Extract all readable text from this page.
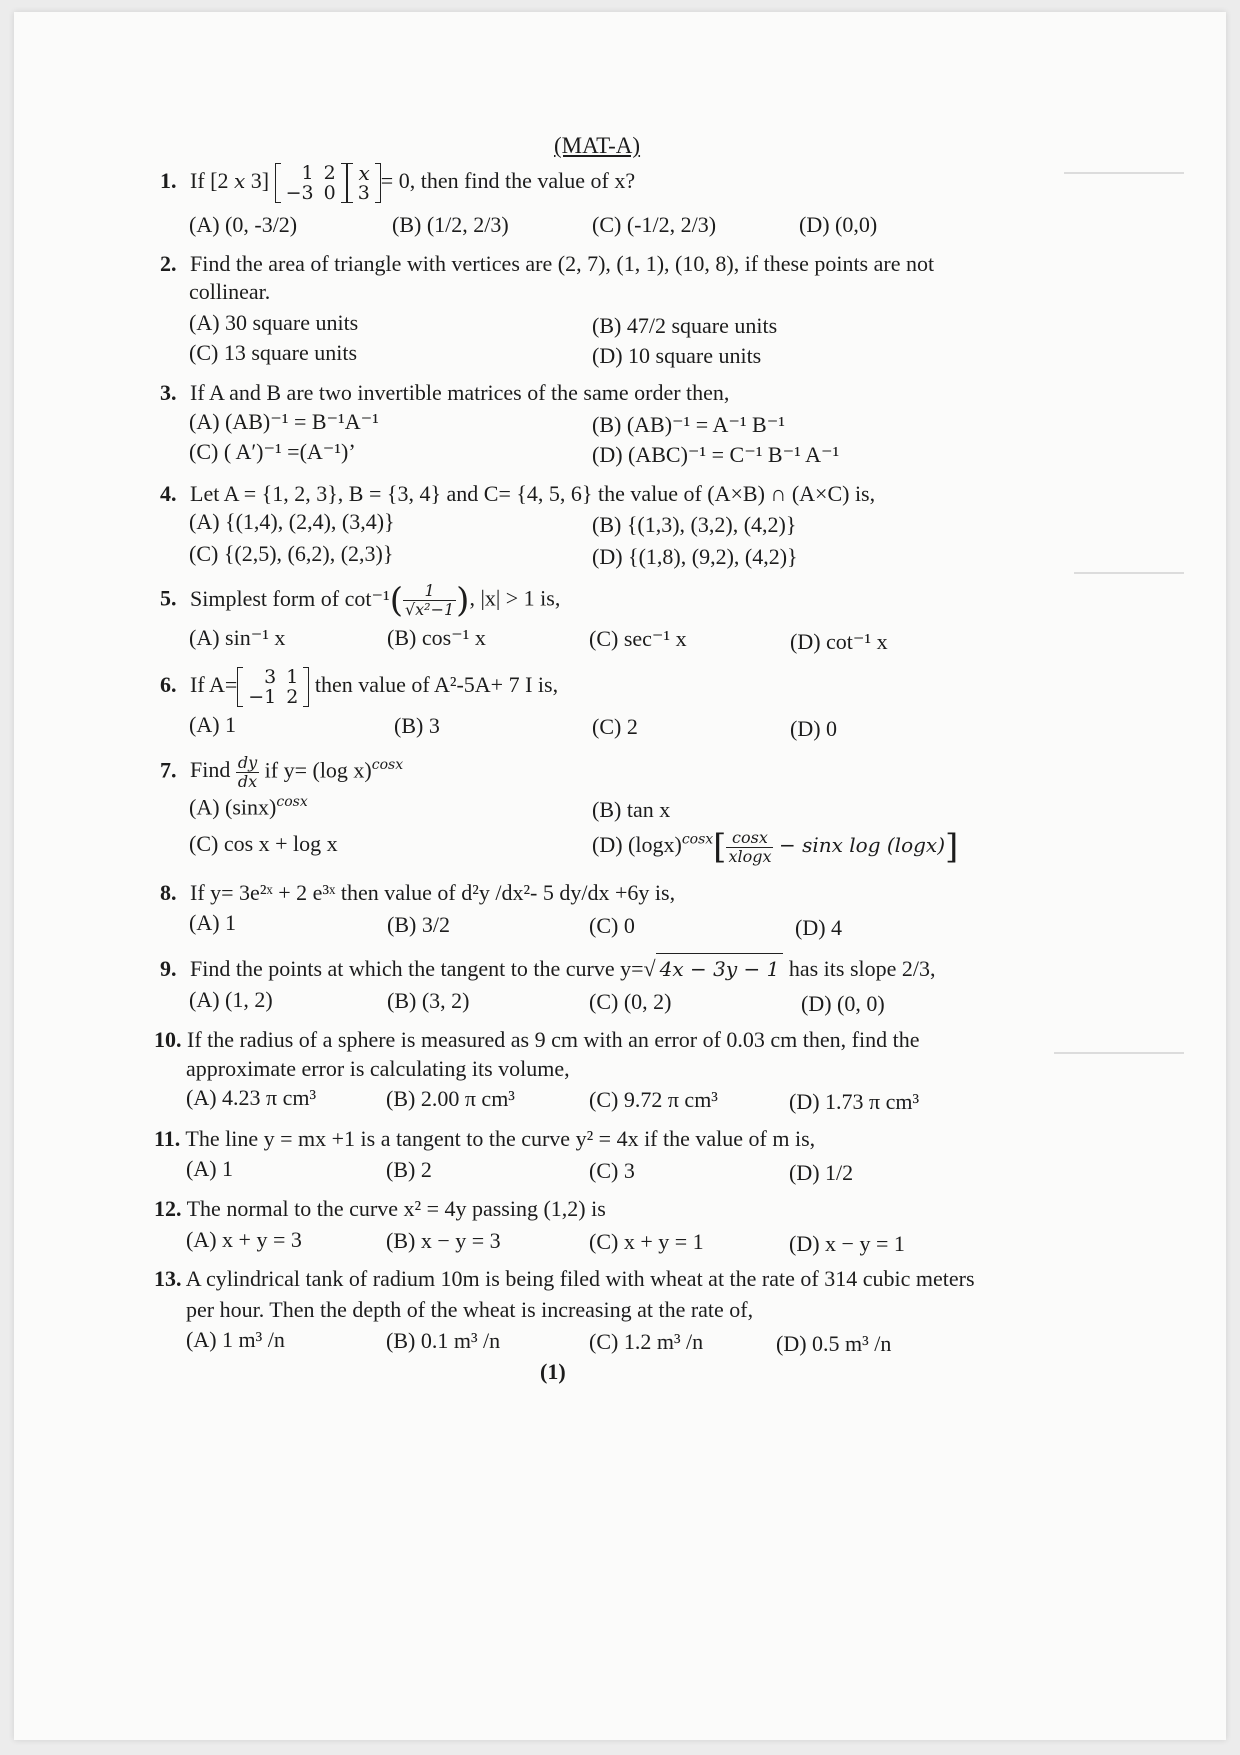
(MAT-A)
1. If [2 x 3] 1	2
−3	0
x
3 = 0, then find the value of x?
(A) (0, -3/2)	(B) (1/2, 2/3)	(C) (-1/2, 2/3)	(D) (0,0)
2. Find the area of triangle with vertices are (2, 7), (1, 1), (10, 8), if these points are not
collinear.
(A) 30 square units	(B) 47/2 square units
(C) 13 square units	(D) 10 square units
3. If A and B are two invertible matrices of the same order then,
(A) (AB)⁻¹ = B⁻¹A⁻¹	(B) (AB)⁻¹ = A⁻¹ B⁻¹
(C) ( A′)⁻¹ =(A⁻¹)’	(D) (ABC)⁻¹ = C⁻¹ B⁻¹ A⁻¹
4. Let A = {1, 2, 3}, B = {3, 4} and C= {4, 5, 6} the value of (A×B) ∩ (A×C) is,
(A) {(1,4), (2,4), (3,4)}	(B) {(1,3), (3,2), (4,2)}
(C) {(2,5), (6,2), (2,3)}	(D) {(1,8), (9,2), (4,2)}
5. Simplest form of $\cot^{-1}( \frac{1}{\text{√x²−1}}$ ), |x| > 1 is,
(A) sin⁻¹ x	(B) cos⁻¹ x	(C) sec⁻¹ x	(D) cot⁻¹ x
6. If A= 3	1
−1	2 then value of A²-5A+ 7 I is,
(A) 1	(B) 3	(C) 2	(D) 0
7. Find $\frac{dy}{dx}$ if y= (log x)$^{cosx}$
(A) $(\sin x)^{cosx}$	(B) tan x
(C) cos x + log x	(D) $(\log x)^{cosx}[ \frac{\cos x}{xlogx} - \sin x$ log (logx)]
8. If y= 3e²ˣ + 2 e³ˣ then value of d²y /dx²- 5 dy/dx +6y is,
(A) 1	(B) 3/2	(C) 0	(D) 4
9. Find the points at which the tangent to the curve y=√ 4x − 3y − 1 has its slope 2/3,
(A) (1, 2)	(B) (3, 2)	(C) (0, 2)	(D) (0, 0)
10. If the radius of a sphere is measured as 9 cm with an error of 0.03 cm then, find the
approximate error is calculating its volume,
(A) 4.23 π cm³	(B) 2.00 π cm³	(C) 9.72 π cm³	(D) 1.73 π cm³
11. The line y = mx +1 is a tangent to the curve y² = 4x if the value of m is,
(A) 1	(B) 2	(C) 3	(D) 1/2
12. The normal to the curve x² = 4y passing (1,2) is
(A) x + y = 3	(B) x − y = 3	(C) x + y = 1	(D) x − y = 1
13. A cylindrical tank of radium 10m is being filed with wheat at the rate of 314 cubic meters
per hour. Then the depth of the wheat is increasing at the rate of,
(A) 1 m³ /n	(B) 0.1 m³ /n	(C) 1.2 m³ /n	(D) 0.5 m³ /n
(1)
